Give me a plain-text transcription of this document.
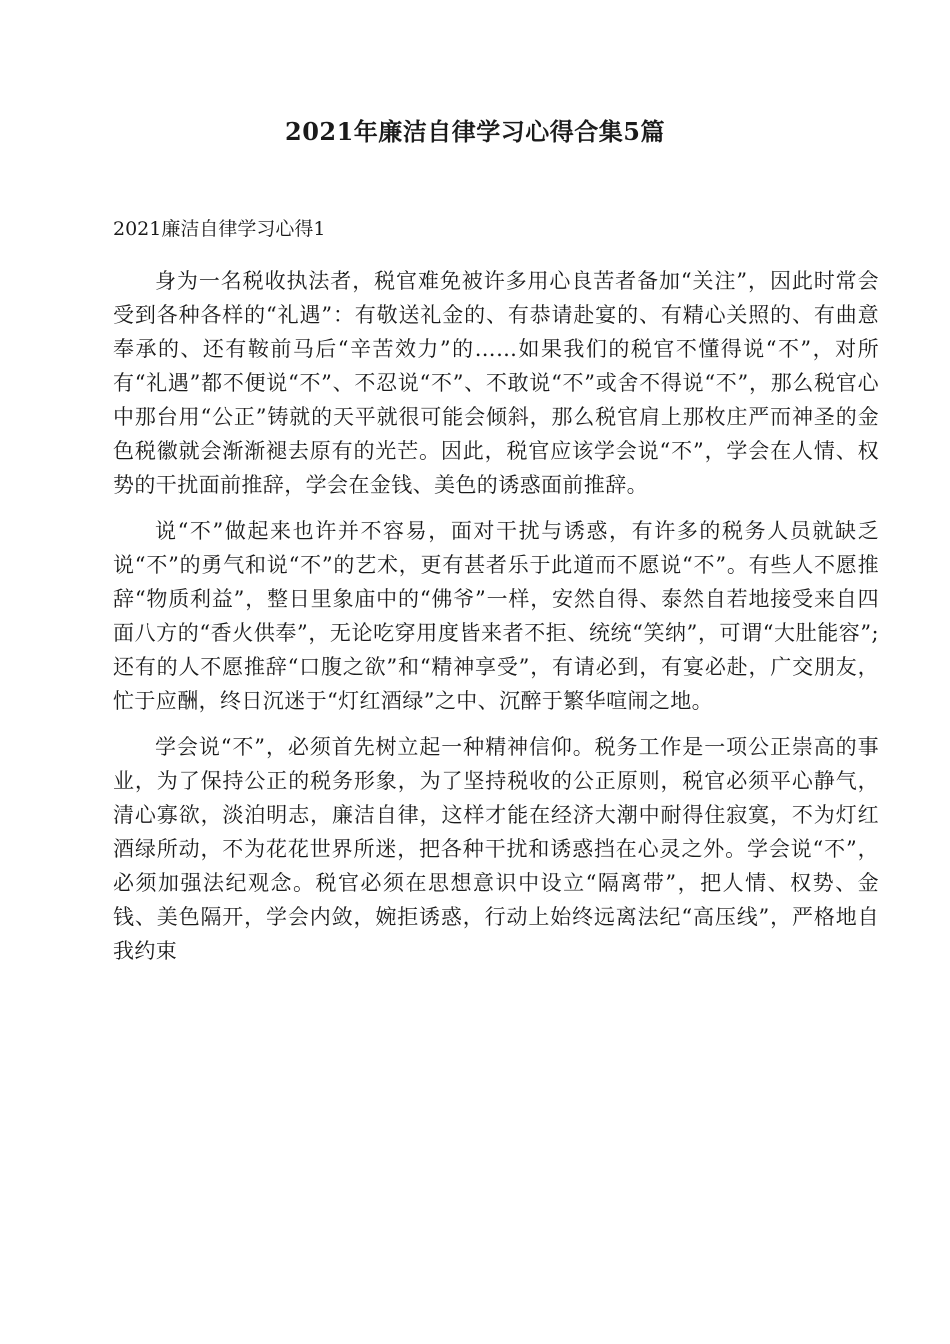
2021年廉洁自律学习心得合集5篇

2021廉洁自律学习心得1

身为一名税收执法者，税官难免被许多用心良苦者备加“关注”，因此时常会受到各种各样的“礼遇”：有敬送礼金的、有恭请赴宴的、有精心关照的、有曲意奉承的、还有鞍前马后“辛苦效力”的……如果我们的税官不懂得说“不”，对所有“礼遇”都不便说“不”、不忍说“不”、不敢说“不”或舍不得说“不”，那么税官心中那台用“公正”铸就的天平就很可能会倾斜，那么税官肩上那枚庄严而神圣的金色税徽就会渐渐褪去原有的光芒。因此，税官应该学会说“不”，学会在人情、权势的干扰面前推辞，学会在金钱、美色的诱惑面前推辞。

说“不”做起来也许并不容易，面对干扰与诱惑，有许多的税务人员就缺乏说“不”的勇气和说“不”的艺术，更有甚者乐于此道而不愿说“不”。有些人不愿推辞“物质利益”，整日里象庙中的“佛爷”一样，安然自得、泰然自若地接受来自四面八方的“香火供奉”，无论吃穿用度皆来者不拒、统统“笑纳”，可谓“大肚能容”;还有的人不愿推辞“口腹之欲”和“精神享受”，有请必到，有宴必赴，广交朋友，忙于应酬，终日沉迷于“灯红酒绿”之中、沉醉于繁华喧闹之地。

学会说“不”，必须首先树立起一种精神信仰。税务工作是一项公正崇高的事业，为了保持公正的税务形象，为了坚持税收的公正原则，税官必须平心静气，清心寡欲，淡泊明志，廉洁自律，这样才能在经济大潮中耐得住寂寞，不为灯红酒绿所动，不为花花世界所迷，把各种干扰和诱惑挡在心灵之外。学会说“不”，必须加强法纪观念。税官必须在思想意识中设立“隔离带”，把人情、权势、金钱、美色隔开，学会内敛，婉拒诱惑，行动上始终远离法纪“高压线”，严格地自我约束
